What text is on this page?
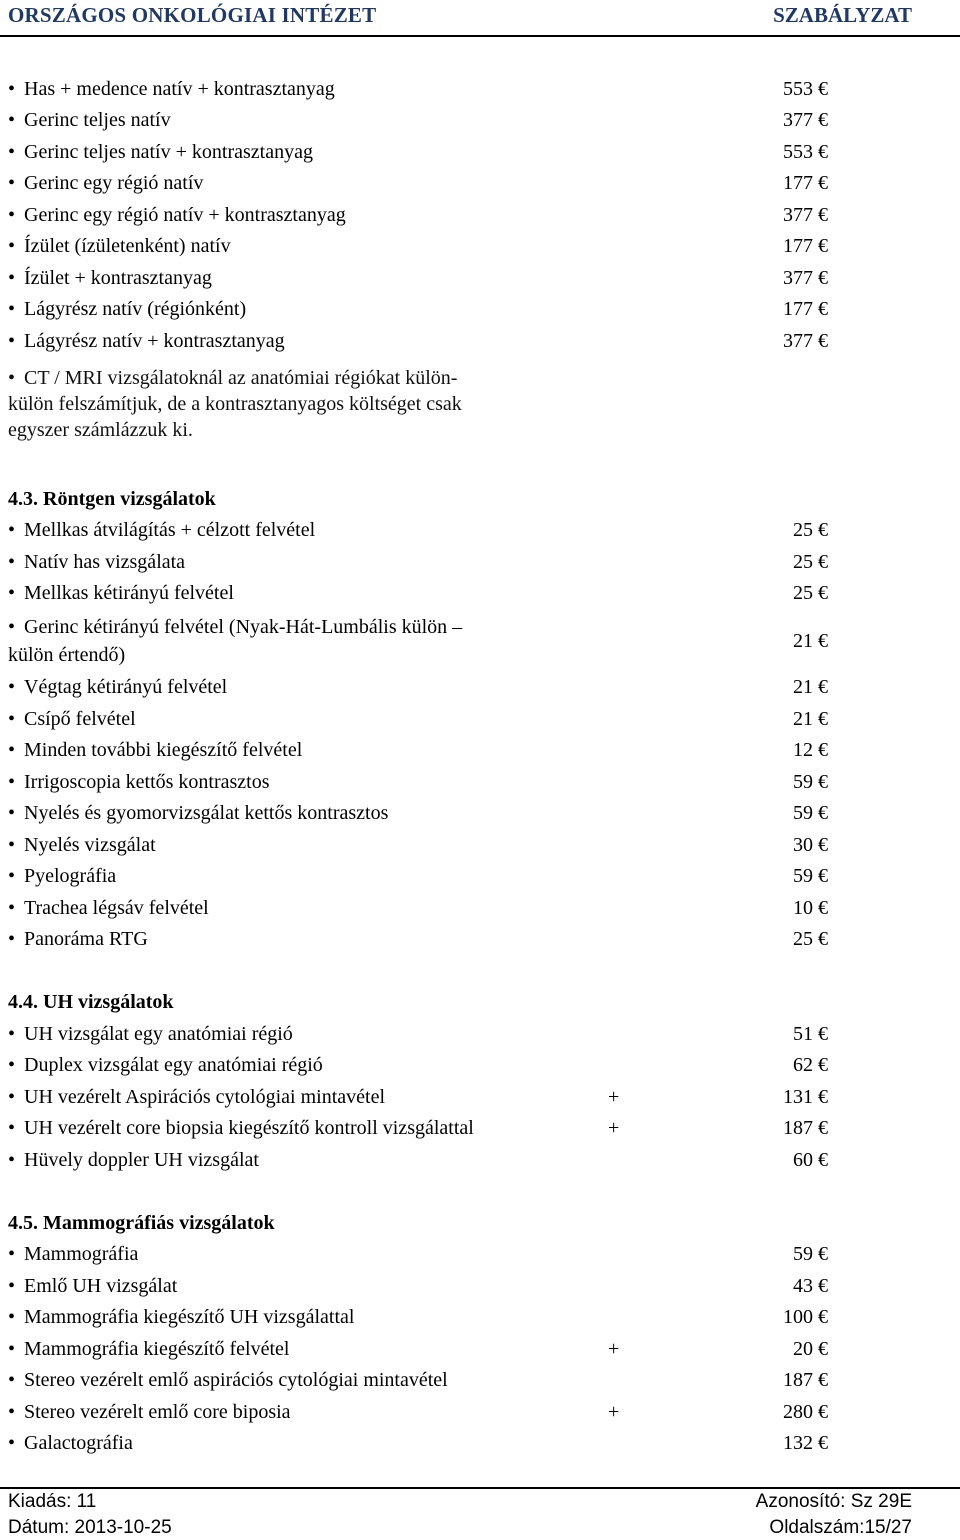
ORSZÁGOS ONKOLÓGIAI INTÉZET	SZABÁLYZAT
• Has + medence natív + kontrasztanyag	553 €
• Gerinc teljes natív	377 €
• Gerinc teljes natív + kontrasztanyag	553 €
• Gerinc egy régió natív	177 €
• Gerinc egy régió natív + kontrasztanyag	377 €
• Ízület (ízületenként) natív	177 €
• Ízület + kontrasztanyag	377 €
• Lágyrész natív (régiónként)	177 €
• Lágyrész natív + kontrasztanyag	377 €
• CT / MRI vizsgálatoknál az anatómiai régiókat külön-
külön felszámítjuk, de a kontrasztanyagos költséget csak
egyszer számlázzuk ki.
4.3. Röntgen vizsgálatok
• Mellkas átvilágítás + célzott felvétel	25 €
• Natív has vizsgálata	25 €
• Mellkas kétirányú felvétel	25 €
• Gerinc kétirányú felvétel (Nyak-Hát-Lumbális külön –
külön értendő)
21 €
• Végtag kétirányú felvétel	21 €
• Csípő felvétel	21 €
• Minden további kiegészítő felvétel	12 €
• Irrigoscopia kettős kontrasztos	59 €
• Nyelés és gyomorvizsgálat kettős kontrasztos	59 €
• Nyelés vizsgálat	30 €
• Pyelográfia	59 €
• Trachea légsáv felvétel	10 €
• Panoráma RTG	25 €
4.4. UH vizsgálatok
• UH vizsgálat egy anatómiai régió	51 €
• Duplex vizsgálat egy anatómiai régió	62 €
• UH vezérelt Aspirációs cytológiai mintavétel	+	131 €
• UH vezérelt core biopsia kiegészítő kontroll vizsgálattal	+	187 €
• Hüvely doppler UH vizsgálat	60 €
4.5. Mammográfiás vizsgálatok
• Mammográfia	59 €
• Emlő UH vizsgálat	43 €
• Mammográfia kiegészítő UH vizsgálattal	100 €
• Mammográfia kiegészítő felvétel	+	20 €
• Stereo vezérelt emlő aspirációs cytológiai mintavétel	187 €
• Stereo vezérelt emlő core biposia	+	280 €
• Galactográfia	132 €
Kiadás: 11	Azonosító: Sz 29E
Dátum: 2013-10-25	Oldalszám:15/27
